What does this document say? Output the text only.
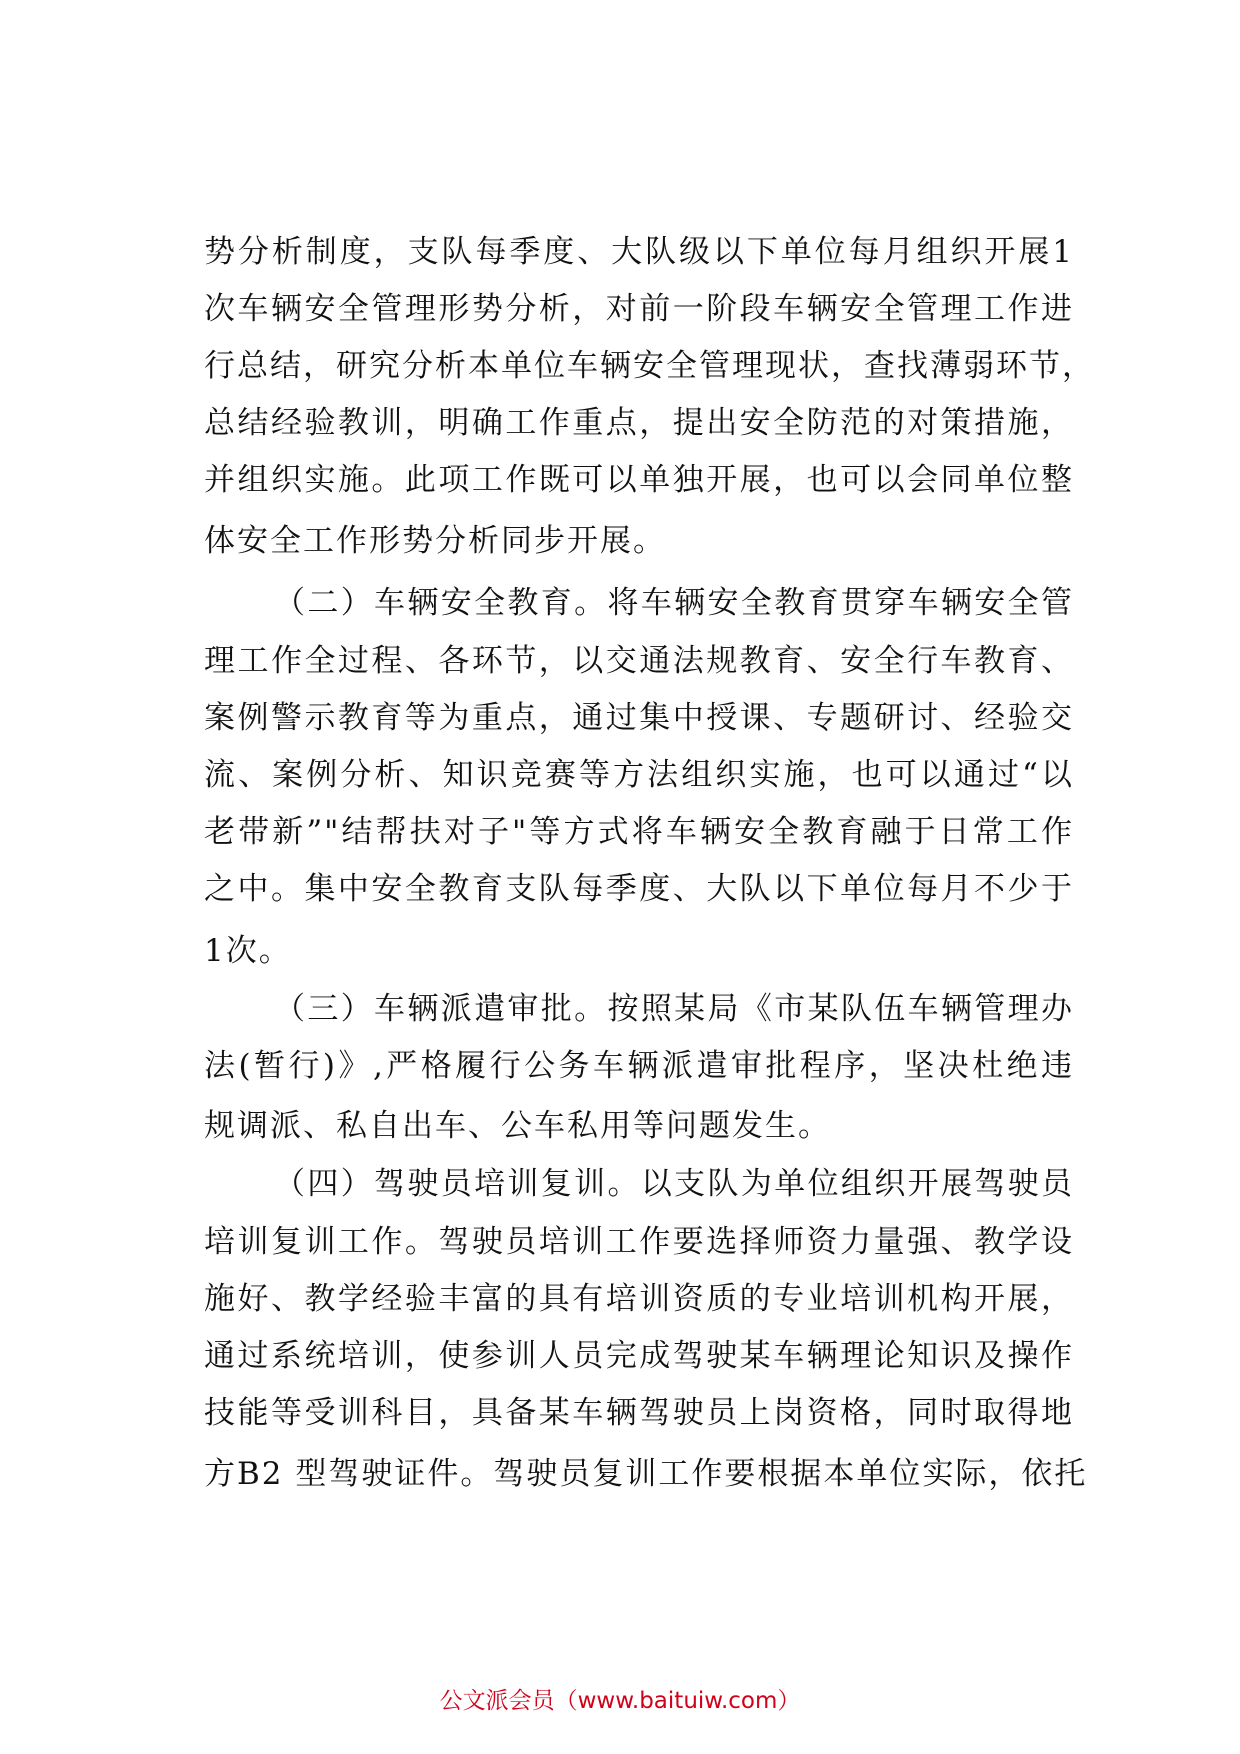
势分析制度，支队每季度、大队级以下单位每月组织开展1
次车辆安全管理形势分析，对前一阶段车辆安全管理工作进
行总结，研究分析本单位车辆安全管理现状，查找薄弱环节，
总结经验教训，明确工作重点，提出安全防范的对策措施，
并组织实施。此项工作既可以单独开展，也可以会同单位整
体安全工作形势分析同步开展。
（二）车辆安全教育。将车辆安全教育贯穿车辆安全管
理工作全过程、各环节，以交通法规教育、安全行车教育、
案例警示教育等为重点，通过集中授课、专题研讨、经验交
流、案例分析、知识竞赛等方法组织实施，也可以通过“以
老带新”"结帮扶对子"等方式将车辆安全教育融于日常工作
之中。集中安全教育支队每季度、大队以下单位每月不少于
1次。
（三）车辆派遣审批。按照某局《市某队伍车辆管理办
法(暂行)》,严格履行公务车辆派遣审批程序，坚决杜绝违
规调派、私自出车、公车私用等问题发生。
（四）驾驶员培训复训。以支队为单位组织开展驾驶员
培训复训工作。驾驶员培训工作要选择师资力量强、教学设
施好、教学经验丰富的具有培训资质的专业培训机构开展，
通过系统培训，使参训人员完成驾驶某车辆理论知识及操作
技能等受训科目，具备某车辆驾驶员上岗资格，同时取得地
方B2 型驾驶证件。驾驶员复训工作要根据本单位实际，依托
公文派会员（www.baituiw.com）
